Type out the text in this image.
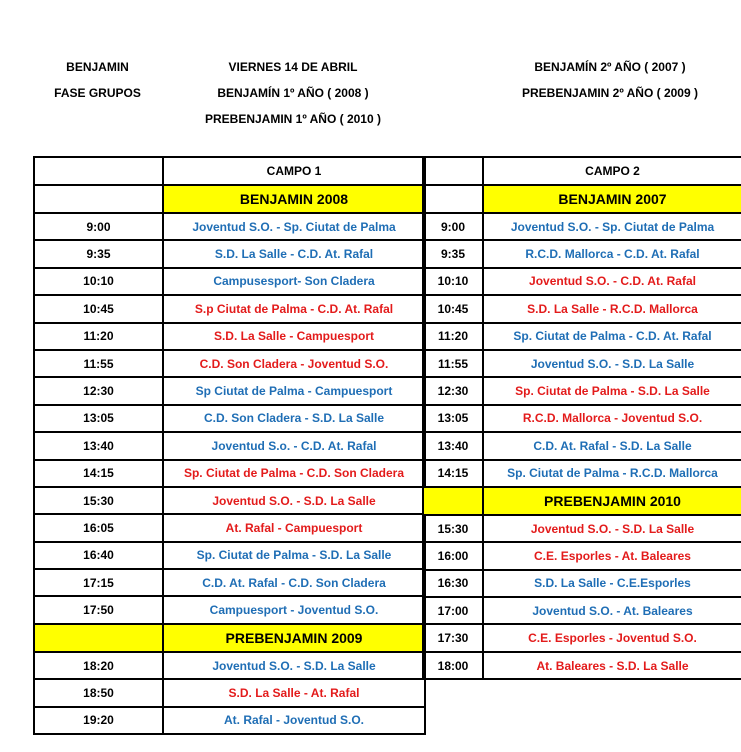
BENJAMIN
FASE GRUPOS
VIERNES 14 DE ABRIL
BENJAMÍN 1º AÑO ( 2008 )
PREBENJAMIN 1º AÑO ( 2010 )
BENJAMÍN 2º AÑO ( 2007 )
PREBENJAMIN 2º AÑO ( 2009 )
	CAMPO 1
	BENJAMIN 2008
9:00	Joventud S.O. - Sp. Ciutat de Palma
9:35	S.D. La Salle - C.D. At. Rafal
10:10	Campusesport- Son Cladera
10:45	S.p Ciutat de Palma - C.D. At. Rafal
11:20	S.D. La Salle - Campuesport
11:55	C.D. Son Cladera - Joventud S.O.
12:30	Sp Ciutat de Palma - Campuesport
13:05	C.D. Son Cladera - S.D. La Salle
13:40	Joventud S.o. - C.D. At. Rafal
14:15	Sp. Ciutat de Palma - C.D. Son Cladera
15:30	Joventud S.O. - S.D. La Salle
16:05	At. Rafal - Campuesport
16:40	Sp. Ciutat de Palma - S.D. La Salle
17:15	C.D. At. Rafal - C.D. Son Cladera
17:50	Campuesport - Joventud S.O.
	PREBENJAMIN 2009
18:20	Joventud S.O. - S.D. La Salle
18:50	S.D. La Salle - At. Rafal
19:20	At. Rafal - Joventud S.O.
	CAMPO 2
	BENJAMIN 2007
9:00	Joventud S.O. - Sp. Ciutat de Palma
9:35	R.C.D. Mallorca - C.D. At. Rafal
10:10	Joventud S.O. - C.D. At. Rafal
10:45	S.D. La Salle - R.C.D. Mallorca
11:20	Sp. Ciutat de Palma - C.D. At. Rafal
11:55	Joventud S.O. - S.D. La Salle
12:30	Sp. Ciutat de Palma - S.D. La Salle
13:05	R.C.D. Mallorca - Joventud S.O.
13:40	C.D. At. Rafal - S.D. La Salle
14:15	Sp. Ciutat de Palma - R.C.D. Mallorca
	PREBENJAMIN 2010
15:30	Joventud S.O. - S.D. La Salle
16:00	C.E. Esporles - At. Baleares
16:30	S.D. La Salle - C.E.Esporles
17:00	Joventud S.O. - At. Baleares
17:30	C.E. Esporles - Joventud S.O.
18:00	At. Baleares - S.D. La Salle
